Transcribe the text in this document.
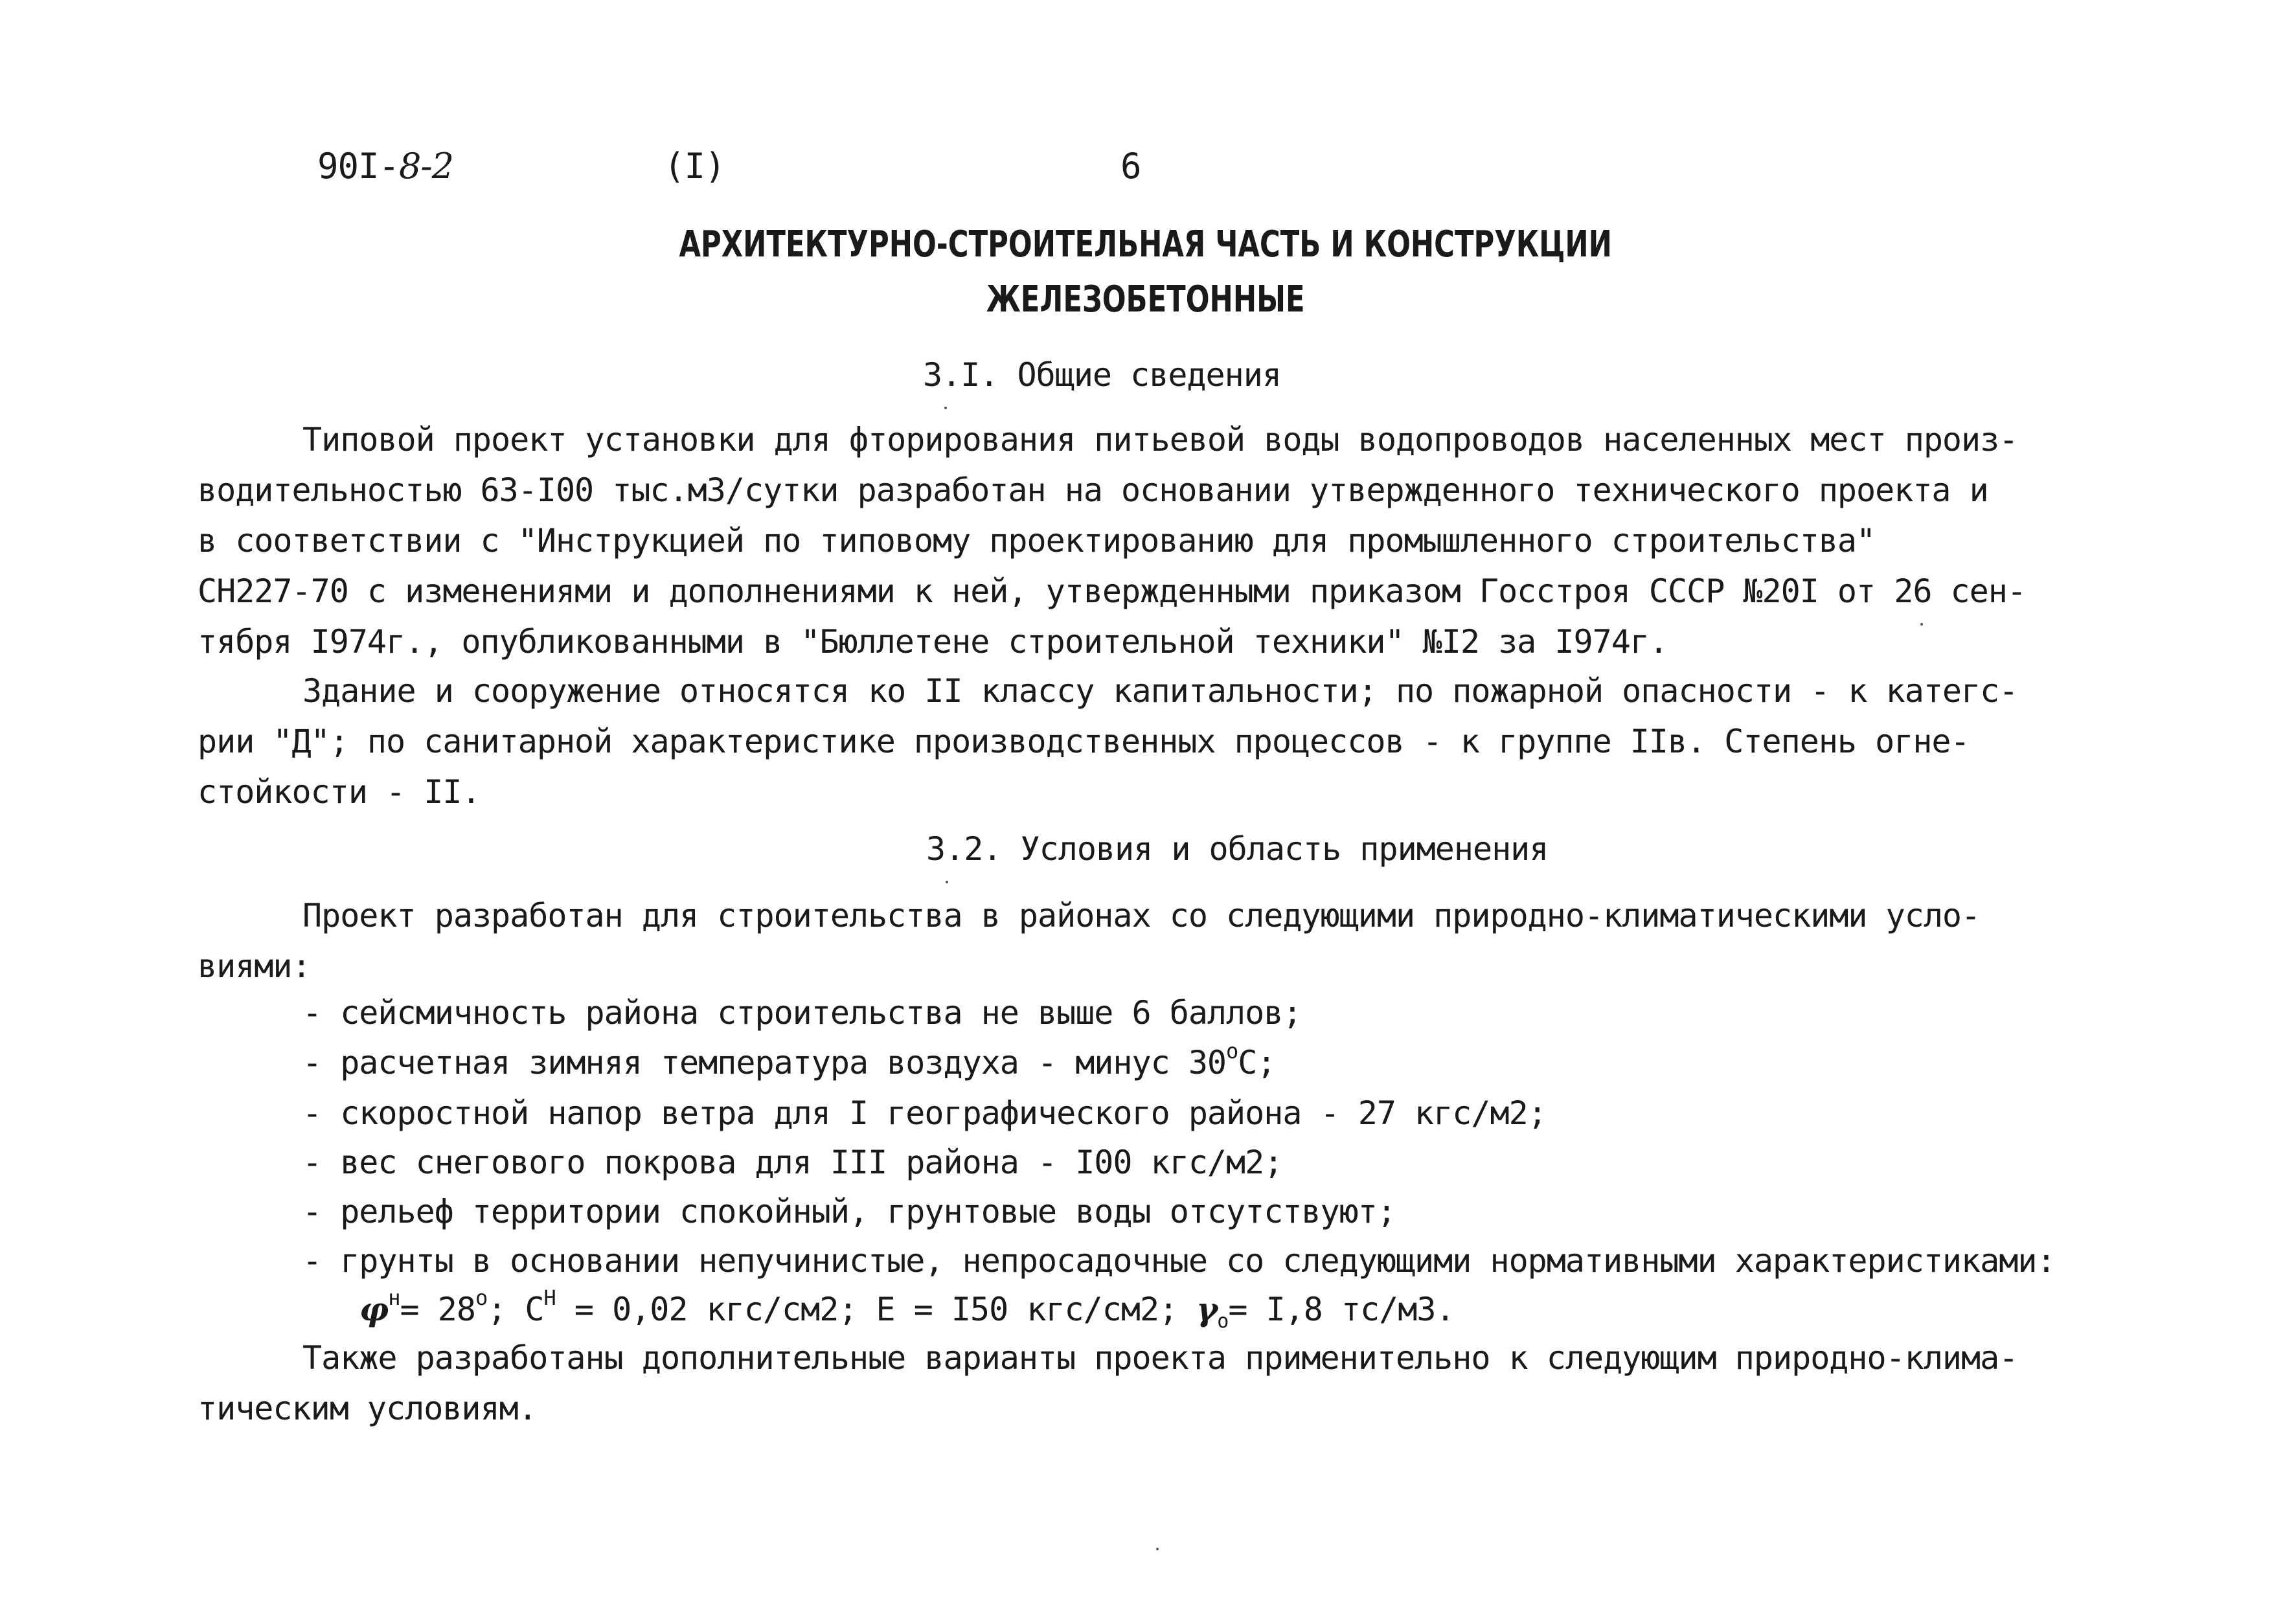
90I-8-2	(I)	6
АРХИТЕКТУРНО-СТРОИТЕЛЬНАЯ ЧАСТЬ И КОНСТРУКЦИИ
ЖЕЛЕЗОБЕТОННЫЕ
3.I. Общие сведения
Типовой проект установки для фторирования питьевой воды водопроводов населенных мест произ-
водительностью 63-I00 тыс.м3/сутки разработан на основании утвержденного технического проекта и
в соответствии с "Инструкцией по типовому проектированию для промышленного строительства"
СН227-70 с изменениями и дополнениями к ней, утвержденными приказом Госстроя СССР №20I от 26 сен-
тября I974г., опубликованными в "Бюллетене строительной техники" №I2 за I974г.
Здание и сооружение относятся ко II классу капитальности; по пожарной опасности - к категс-
рии "Д"; по санитарной характеристике производственных процессов - к группе IIв. Степень огне-
стойкости - II.
3.2. Условия и область применения
Проект разработан для строительства в районах со следующими природно-климатическими усло-
виями:
- сейсмичность района строительства не выше 6 баллов;
- расчетная зимняя температура воздуха - минус 30$^o$С;
- скоростной напор ветра для I географического района - 27 кгс/м2;
- вес снегового покрова для III района - I00 кгс/м2;
- рельеф территории спокойный, грунтовые воды отсутствуют;
- грунты в основании непучинистые, непросадочные со следующими нормативными характеристиками:
$\varphi^н= 28^o$; $С^Н = 0,02$ кгс/см2; Е = I50 кгс/см2; $\gamma_о= I,8$ тс/м3.
Также разработаны дополнительные варианты проекта применительно к следующим природно-клима-
тическим условиям.
